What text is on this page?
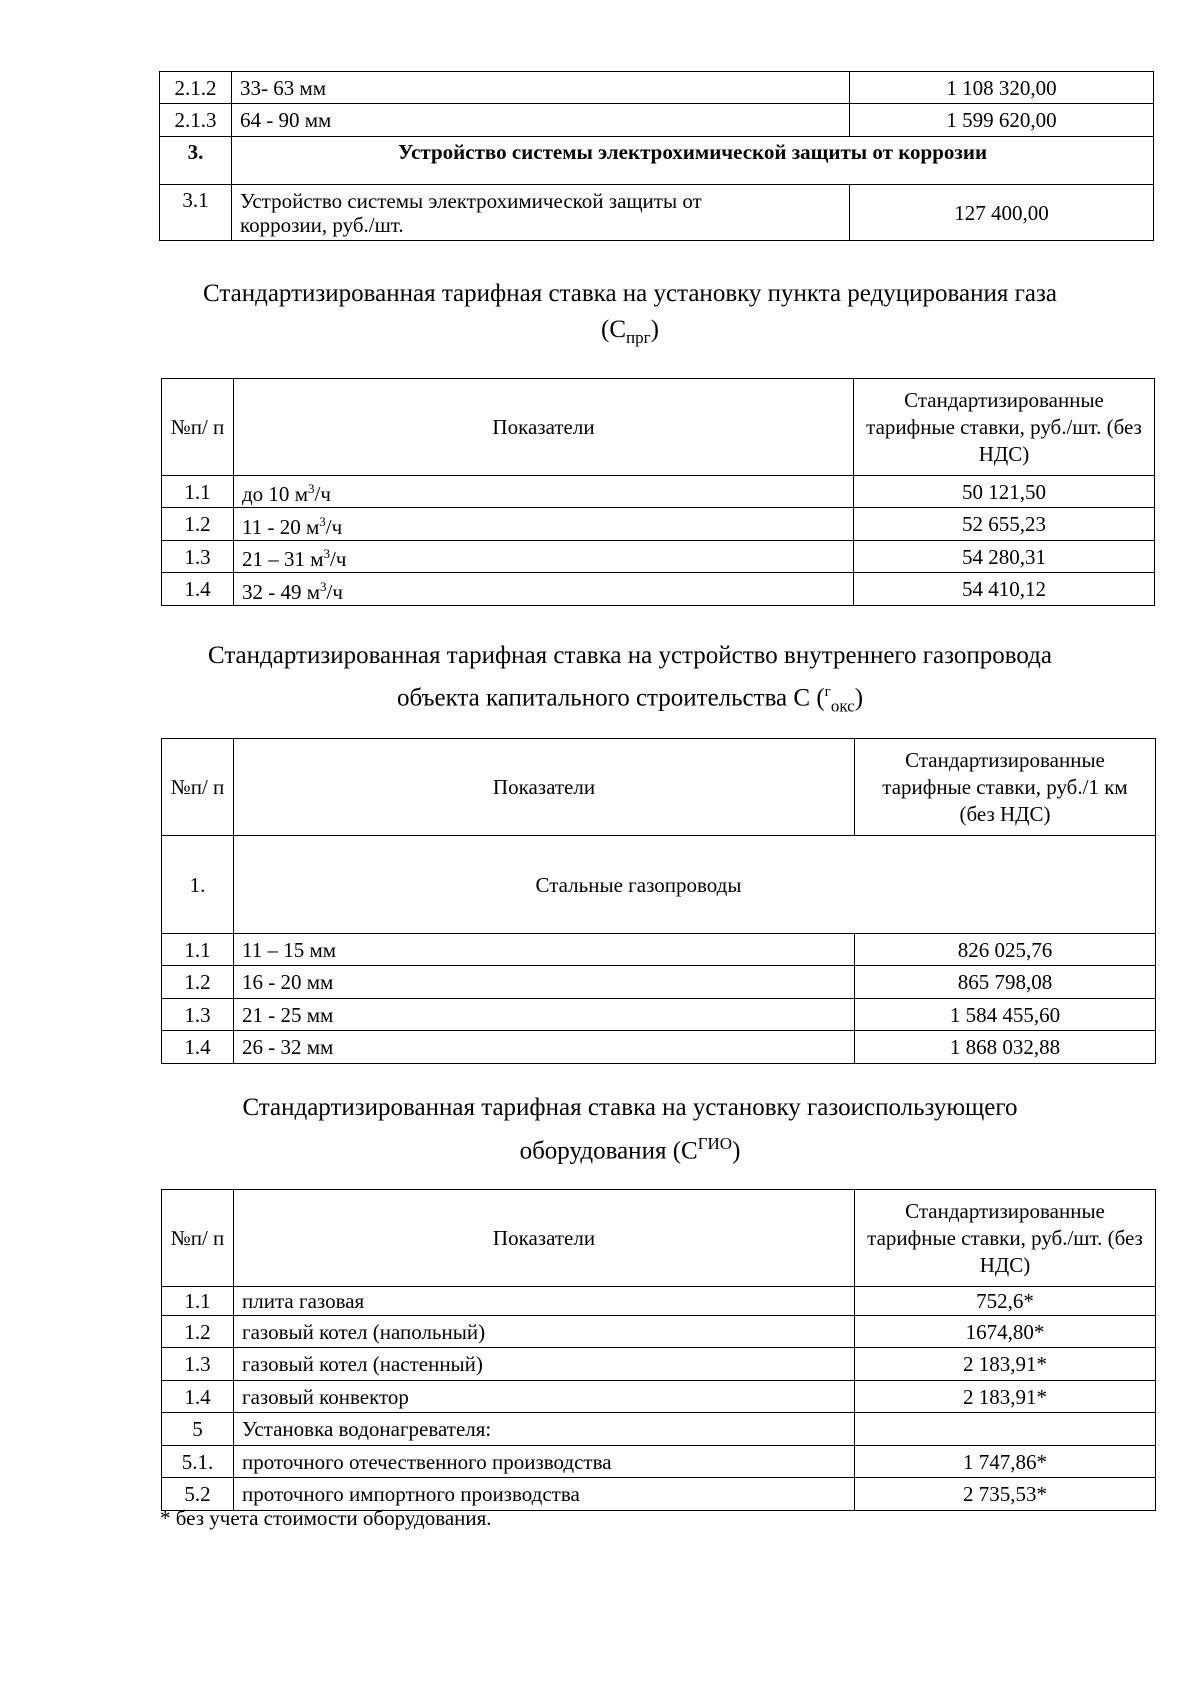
2.1.2	33- 63 мм	1 108 320,00
2.1.3	64 - 90 мм	1 599 620,00
3.	Устройство системы электрохимической защиты от коррозии	
3.1	Устройство системы электрохимической защиты от коррозии, руб./шт.	127 400,00
Стандартизированная тарифная ставка на установку пункта редуцирования газа
$(С_{прг})$
№п/ п	Показатели	Стандартизированные тарифные ставки, руб./шт. (без НДС)
1.1	до 10 $м^3/ч$	50 121,50
1.2	11 - 20 $м^3/ч$	52 655,23
1.3	21 – 31 $м^3/ч$	54 280,31
1.4	32 - 49 $м^3/ч$	54 410,12
Стандартизированная тарифная ставка на устройство внутреннего газопровода
объекта капитального строительства С ($^г_{окс}$)
№п/ п	Показатели	Стандартизированные тарифные ставки, руб./1 км (без НДС)
1.	Стальные газопроводы	
1.1	11 – 15 мм	826 025,76
1.2	16 - 20 мм	865 798,08
1.3	21 - 25 мм	1 584 455,60
1.4	26 - 32 мм	1 868 032,88
Стандартизированная тарифная ставка на установку газоиспользующего
оборудования $(С^{ГИО})$
№п/ п	Показатели	Стандартизированные тарифные ставки, руб./шт. (без НДС)
1.1	плита газовая	752,6*
1.2	газовый котел (напольный)	1674,80*
1.3	газовый котел (настенный)	2 183,91*
1.4	газовый конвектор	2 183,91*
5	Установка водонагревателя:	
5.1.	проточного отечественного производства	1 747,86*
5.2	проточного импортного производства	2 735,53*
* без учета стоимости оборудования.
